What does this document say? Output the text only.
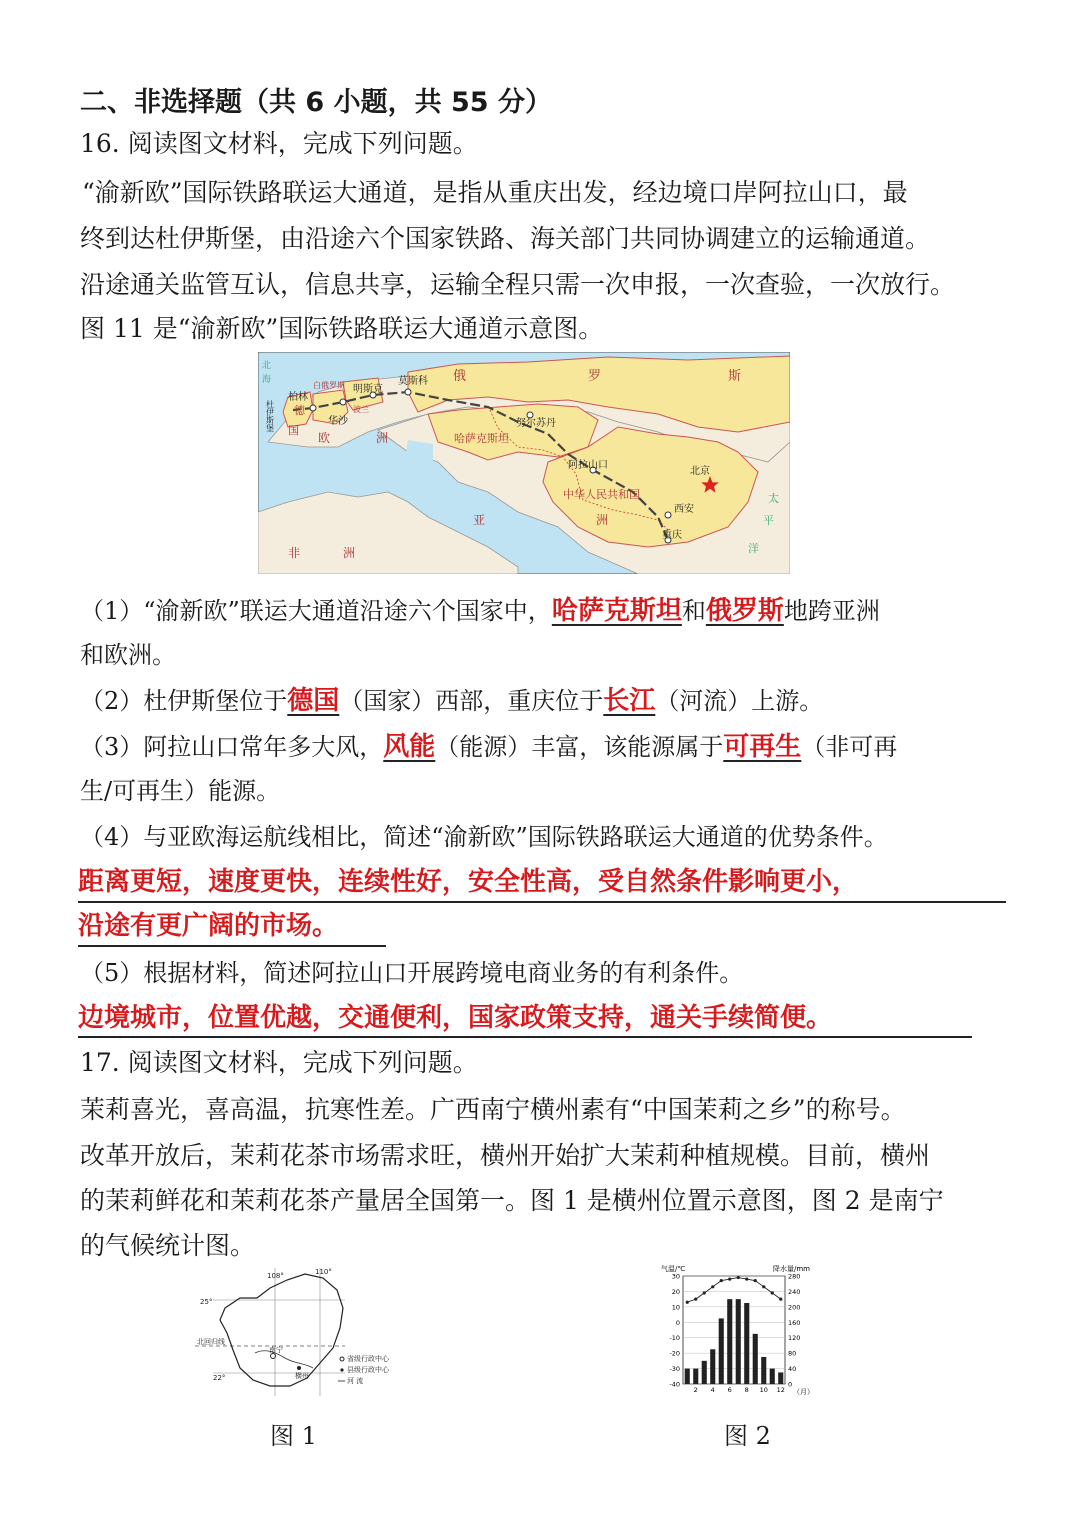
二、非选择题（共 6 小题，共 55 分）
16. 阅读图文材料，完成下列问题。
“渝新欧”国际铁路联运大通道，是指从重庆出发，经边境口岸阿拉山口，最
终到达杜伊斯堡，由沿途六个国家铁路、海关部门共同协调建立的运输通道。
沿途通关监管互认，信息共享，运输全程只需一次申报，一次查验，一次放行。
图 11 是“渝新欧”国际铁路联运大通道示意图。
俄	罗	斯
莫斯科
明斯克
白俄罗斯
柏林
波兰
华沙
杜伊斯堡 德
国
欧	洲	哈萨克斯坦
努尔苏丹
阿拉山口
中华人民共和国
北京
西安
重庆
亚	洲
非	洲
太
平
洋
北
海
（1）“渝新欧”联运大通道沿途六个国家中，哈萨克斯坦和俄罗斯地跨亚洲
和欧洲。
（2）杜伊斯堡位于德国（国家）西部，重庆位于长江（河流）上游。
（3）阿拉山口常年多大风，风能（能源）丰富，该能源属于可再生（非可再
生/可再生）能源。
（4）与亚欧海运航线相比，简述“渝新欧”国际铁路联运大通道的优势条件。
距离更短，速度更快，连续性好，安全性高，受自然条件影响更小，
沿途有更广阔的市场。
（5）根据材料，简述阿拉山口开展跨境电商业务的有利条件。
边境城市，位置优越，交通便利，国家政策支持，通关手续简便。
17. 阅读图文材料，完成下列问题。
茉莉喜光，喜高温，抗寒性差。广西南宁横州素有“中国茉莉之乡”的称号。
改革开放后，茉莉花茶市场需求旺，横州开始扩大茉莉种植规模。目前，横州
的茉莉鲜花和茉莉花茶产量居全国第一。图 1 是横州位置示意图，图 2 是南宁
的气候统计图。
108°	110°
25°
22°
北回归线
南宁
横州
省级行政中心
县级行政中心
河 流
图 1
30	280
20	240
10	200
0	160
-10	120
-20	80
-30	40
-40	0
2 4 6 8 10 12
气温/℃	降水量/mm
（月）
图 2
